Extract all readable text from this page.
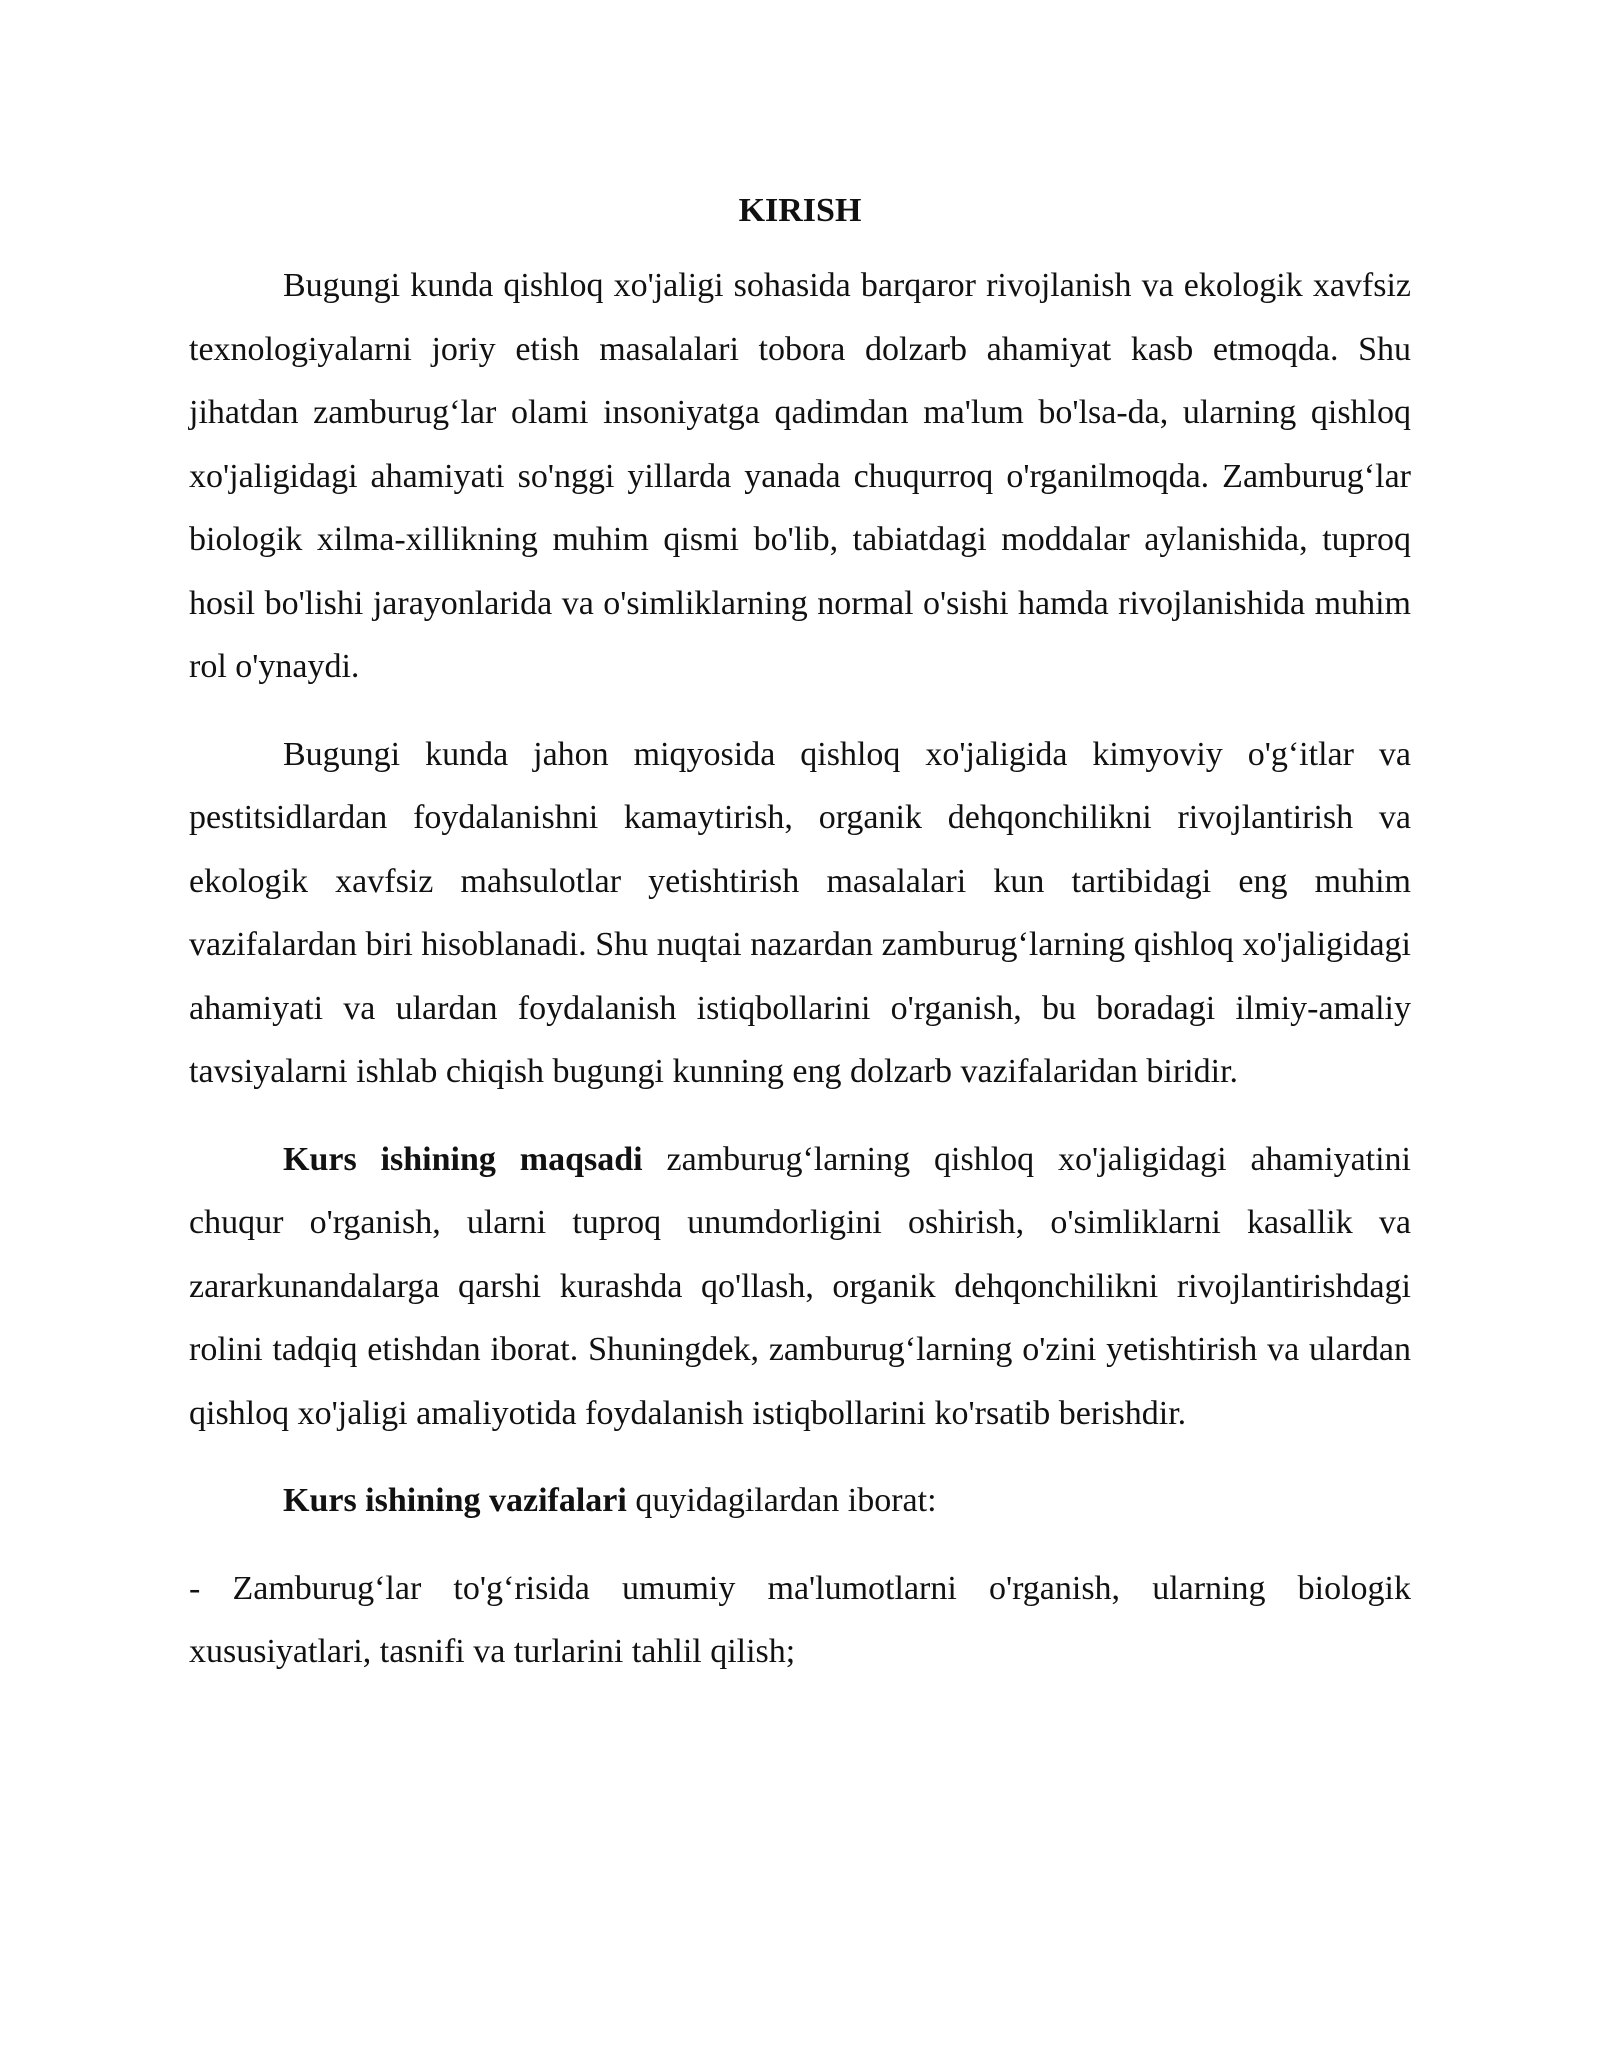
KIRISH

Bugungi kunda qishloq xo'jaligi sohasida barqaror rivojlanish va ekologik xavfsiz texnologiyalarni joriy etish masalalari tobora dolzarb ahamiyat kasb etmoqda. Shu jihatdan zamburug‘lar olami insoniyatga qadimdan ma'lum bo'lsa-da, ularning qishloq xo'jaligidagi ahamiyati so'nggi yillarda yanada chuqurroq o'rganilmoqda. Zamburug‘lar biologik xilma-xillikning muhim qismi bo'lib, tabiatdagi moddalar aylanishida, tuproq hosil bo'lishi jarayonlarida va o'simliklarning normal o'sishi hamda rivojlanishida muhim rol o'ynaydi.

Bugungi kunda jahon miqyosida qishloq xo'jaligida kimyoviy o'g‘itlar va pestitsidlardan foydalanishni kamaytirish, organik dehqonchilikni rivojlantirish va ekologik xavfsiz mahsulotlar yetishtirish masalalari kun tartibidagi eng muhim vazifalardan biri hisoblanadi. Shu nuqtai nazardan zamburug‘larning qishloq xo'jaligidagi ahamiyati va ulardan foydalanish istiqbollarini o'rganish, bu boradagi ilmiy-amaliy tavsiyalarni ishlab chiqish bugungi kunning eng dolzarb vazifalaridan biridir.

Kurs ishining maqsadi zamburug‘larning qishloq xo'jaligidagi ahamiyatini chuqur o'rganish, ularni tuproq unumdorligini oshirish, o'simliklarni kasallik va zararkunandalarga qarshi kurashda qo'llash, organik dehqonchilikni rivojlantirishdagi rolini tadqiq etishdan iborat. Shuningdek, zamburug‘larning o'zini yetishtirish va ulardan qishloq xo'jaligi amaliyotida foydalanish istiqbollarini ko'rsatib berishdir.

Kurs ishining vazifalari quyidagilardan iborat:

- Zamburug‘lar to'g‘risida umumiy ma'lumotlarni o'rganish, ularning biologik xususiyatlari, tasnifi va turlarini tahlil qilish;
